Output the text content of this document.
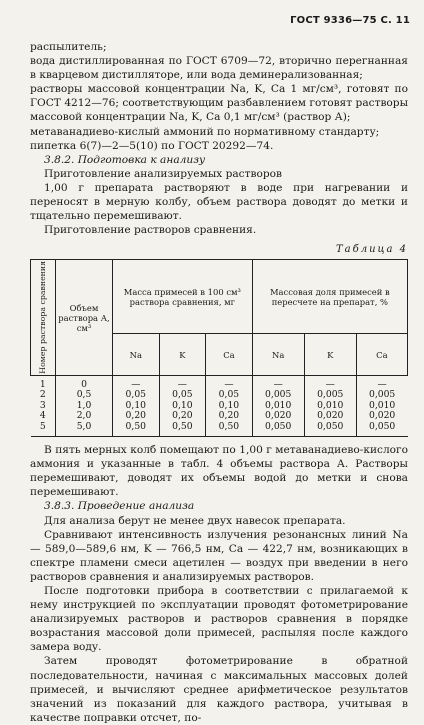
ГОСТ 9336—75 С. 11

распылитель;

вода дистиллированная по ГОСТ 6709—72, вторично перегнанная в кварцевом дистилляторе, или вода деминерализованная;

растворы массовой концентрации Na, K, Ca 1 мг/см³, готовят по ГОСТ 4212—76; соответствующим разбавлением готовят растворы массовой концентрации Na, K, Ca 0,1 мг/см³ (раствор А);

метаванадиево-кислый аммоний по нормативному стандарту;

пипетка 6(7)—2—5(10) по ГОСТ 20292—74.

3.8.2. Подготовка к анализу

Приготовление анализируемых растворов

1,00 г препарата растворяют в воде при нагревании и переносят в мерную колбу, объем раствора доводят до метки и тщательно перемешивают.

Приготовление растворов сравнения.

Таблица 4
Номер раствора сравнения	Объем раствора А, см³	Масса примесей в 100 см³ раствора сравнения, мг			Массовая доля примесей в пересчете на препарат, %		
		Na	K	Ca	Na	K	Ca

1	0	—	—	—	—	—	—
2	0,5	0,05	0,05	0,05	0,005	0,005	0,005
3	1,0	0,10	0,10	0,10	0,010	0,010	0,010
4	2,0	0,20	0,20	0,20	0,020	0,020	0,020
5	5,0	0,50	0,50	0,50	0,050	0,050	0,050

В пять мерных колб помещают по 1,00 г метаванадиево-кислого аммония и указанные в табл. 4 объемы раствора А. Растворы перемешивают, доводят их объемы водой до метки и снова перемешивают.

3.8.3. Проведение анализа

Для анализа берут не менее двух навесок препарата.

Сравнивают интенсивность излучения резонансных линий Na — 589,0—589,6 нм, K — 766,5 нм, Ca — 422,7 нм, возникающих в спектре пламени смеси ацетилен — воздух при введении в него растворов сравнения и анализируемых растворов.

После подготовки прибора в соответствии с прилагаемой к нему инструкцией по эксплуатации проводят фотометрирование анализируемых растворов и растворов сравнения в порядке возрастания массовой доли примесей, распыляя после каждого замера воду.

Затем проводят фотометрирование в обратной последовательности, начиная с максимальных массовых долей примесей, и вычисляют среднее арифметическое результатов значений из показаний для каждого раствора, учитывая в качестве поправки отсчет, по-
